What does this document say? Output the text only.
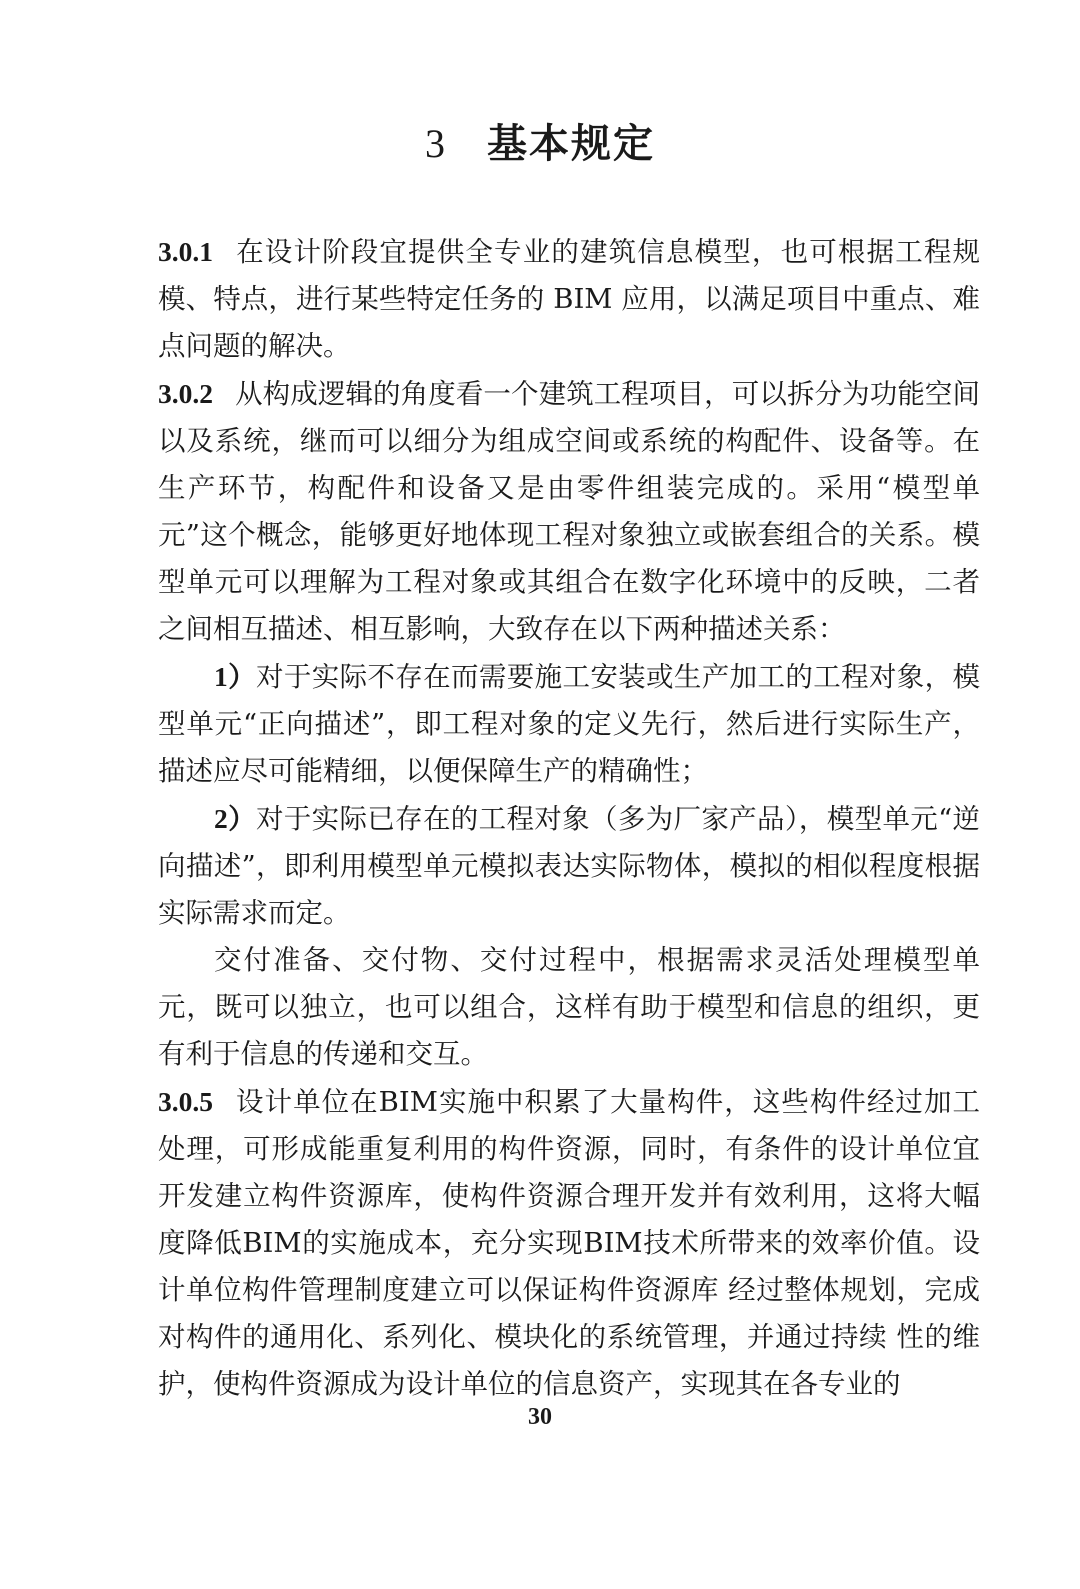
3 基本规定

3.0.1 在设计阶段宜提供全专业的建筑信息模型，也可根据工程规模、特点，进行某些特定任务的 BIM 应用，以满足项目中重点、难点问题的解决。

3.0.2 从构成逻辑的角度看一个建筑工程项目，可以拆分为功能空间以及系统，继而可以细分为组成空间或系统的构配件、设备等。在生产环节，构配件和设备又是由零件组装完成的。采用“模型单元”这个概念，能够更好地体现工程对象独立或嵌套组合的关系。模型单元可以理解为工程对象或其组合在数字化环境中的反映，二者之间相互描述、相互影响，大致存在以下两种描述关系：

1）对于实际不存在而需要施工安装或生产加工的工程对象，模型单元“正向描述”，即工程对象的定义先行，然后进行实际生产，描述应尽可能精细，以便保障生产的精确性；

2）对于实际已存在的工程对象（多为厂家产品），模型单元“逆向描述”，即利用模型单元模拟表达实际物体，模拟的相似程度根据实际需求而定。

交付准备、交付物、交付过程中，根据需求灵活处理模型单元，既可以独立，也可以组合，这样有助于模型和信息的组织，更有利于信息的传递和交互。

3.0.5 设计单位在BIM实施中积累了大量构件，这些构件经过加工处理，可形成能重复利用的构件资源，同时，有条件的设计单位宜开发建立构件资源库，使构件资源合理开发并有效利用，这将大幅度降低BIM的实施成本，充分实现BIM技术所带来的效率价值。设计单位构件管理制度建立可以保证构件资源库 经过整体规划，完成对构件的通用化、系列化、模块化的系统管理，并通过持续 性的维护，使构件资源成为设计单位的信息资产，实现其在各专业的

30
